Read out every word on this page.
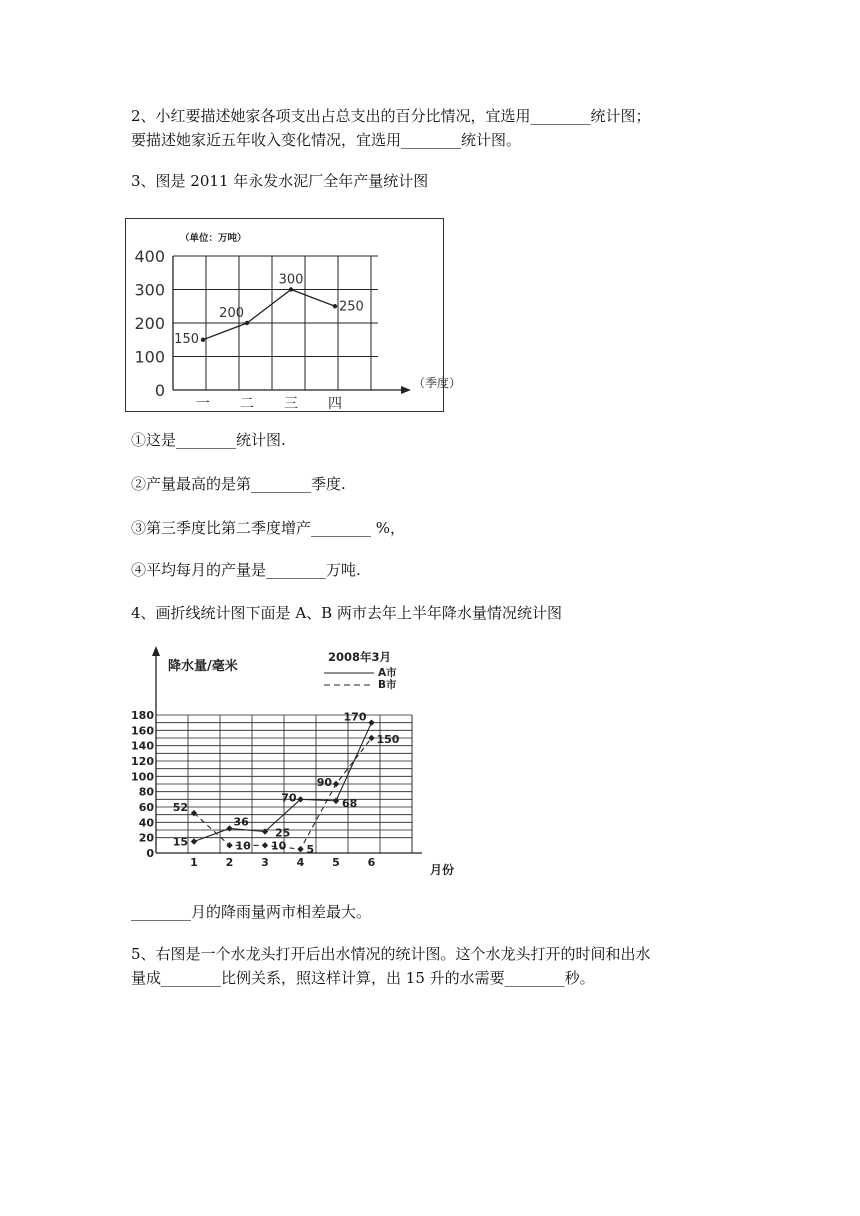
2、小红要描述她家各项支出占总支出的百分比情况，宜选用________统计图；
要描述她家近五年收入变化情况，宜选用________统计图。
3、图是 2011 年永发水泥厂全年产量统计图
（单位：万吨）
400
300
200
100
0	（季度）
一 二 三 四
150
200
300
250
①这是________统计图.
②产量最高的是第________季度.
③第三季度比第二季度增产________ %，
④平均每月的产量是________万吨.
4、画折线统计图下面是 A、B 两市去年上半年降水量情况统计图
180
160
140
120
100
80
60
40
20
0
降水量/毫米
2008年3月
A市
B市
1	2	3	4	5	6
月份
15
36
25
70	68
170
52
10 10 5
90
150
________月的降雨量两市相差最大。
5、右图是一个水龙头打开后出水情况的统计图。这个水龙头打开的时间和出水
量成________比例关系，照这样计算，出 15 升的水需要________秒。
